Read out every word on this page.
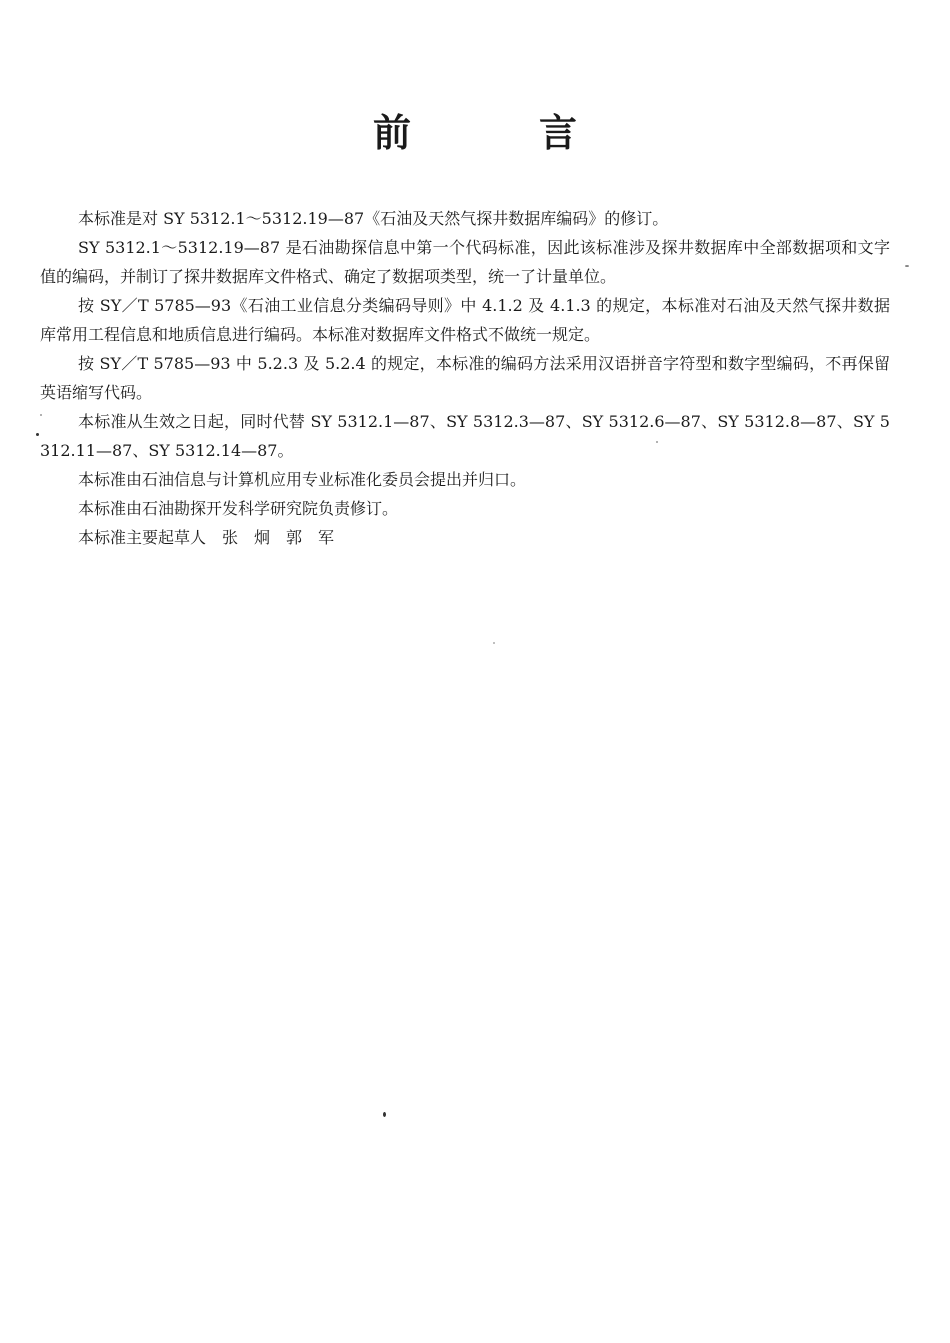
前	言

本标准是对 SY 5312.1～5312.19—87《石油及天然气探井数据库编码》的修订。

SY 5312.1～5312.19—87 是石油勘探信息中第一个代码标准，因此该标准涉及探井数据库中全部数据项和文字值的编码，并制订了探井数据库文件格式、确定了数据项类型，统一了计量单位。

按 SY／T 5785—93《石油工业信息分类编码导则》中 4.1.2 及 4.1.3 的规定，本标准对石油及天然气探井数据库常用工程信息和地质信息进行编码。本标准对数据库文件格式不做统一规定。

按 SY／T 5785—93 中 5.2.3 及 5.2.4 的规定，本标准的编码方法采用汉语拼音字符型和数字型编码，不再保留英语缩写代码。

本标准从生效之日起，同时代替 SY 5312.1—87、SY 5312.3—87、SY 5312.6—87、SY 5312.8—87、SY 5312.11—87、SY 5312.14—87。

本标准由石油信息与计算机应用专业标准化委员会提出并归口。

本标准由石油勘探开发科学研究院负责修订。

本标准主要起草人　张　炯　郭　军
